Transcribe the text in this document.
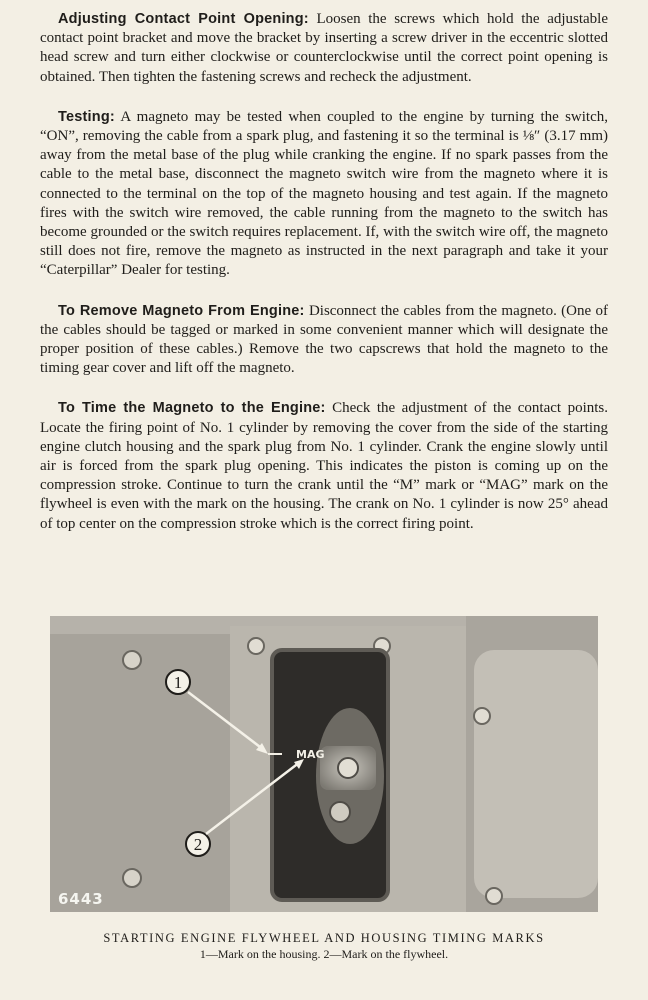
Adjusting Contact Point Opening: Loosen the screws which hold the adjustable contact point bracket and move the bracket by inserting a screw driver in the eccentric slotted head screw and turn either clockwise or counterclockwise until the correct point opening is obtained. Then tighten the fastening screws and recheck the adjustment.

Testing: A magneto may be tested when coupled to the engine by turning the switch, “ON”, removing the cable from a spark plug, and fastening it so the terminal is ⅛″ (3.17 mm) away from the metal base of the plug while cranking the engine. If no spark passes from the cable to the metal base, disconnect the magneto switch wire from the magneto where it is connected to the terminal on the top of the magneto housing and test again. If the magneto fires with the switch wire removed, the cable running from the magneto to the switch has become grounded or the switch requires replacement. If, with the switch wire off, the magneto still does not fire, remove the magneto as instructed in the next paragraph and take it your “Caterpillar” Dealer for testing.

To Remove Magneto From Engine: Disconnect the cables from the magneto. (One of the cables should be tagged or marked in some convenient manner which will designate the proper position of these cables.) Remove the two capscrews that hold the magneto to the timing gear cover and lift off the magneto.

To Time the Magneto to the Engine: Check the adjustment of the contact points. Locate the firing point of No. 1 cylinder by removing the cover from the side of the starting engine clutch housing and the spark plug from No. 1 cylinder. Crank the engine slowly until air is forced from the spark plug opening. This indicates the piston is coming up on the compression stroke. Continue to turn the crank until the “M” mark or “MAG” mark on the flywheel is even with the mark on the housing. The crank on No. 1 cylinder is now 25° ahead of top center on the compression stroke which is the correct firing point.

MAG
1
2
6443
STARTING ENGINE FLYWHEEL AND HOUSING TIMING MARKS
1—Mark on the housing. 2—Mark on the flywheel.
